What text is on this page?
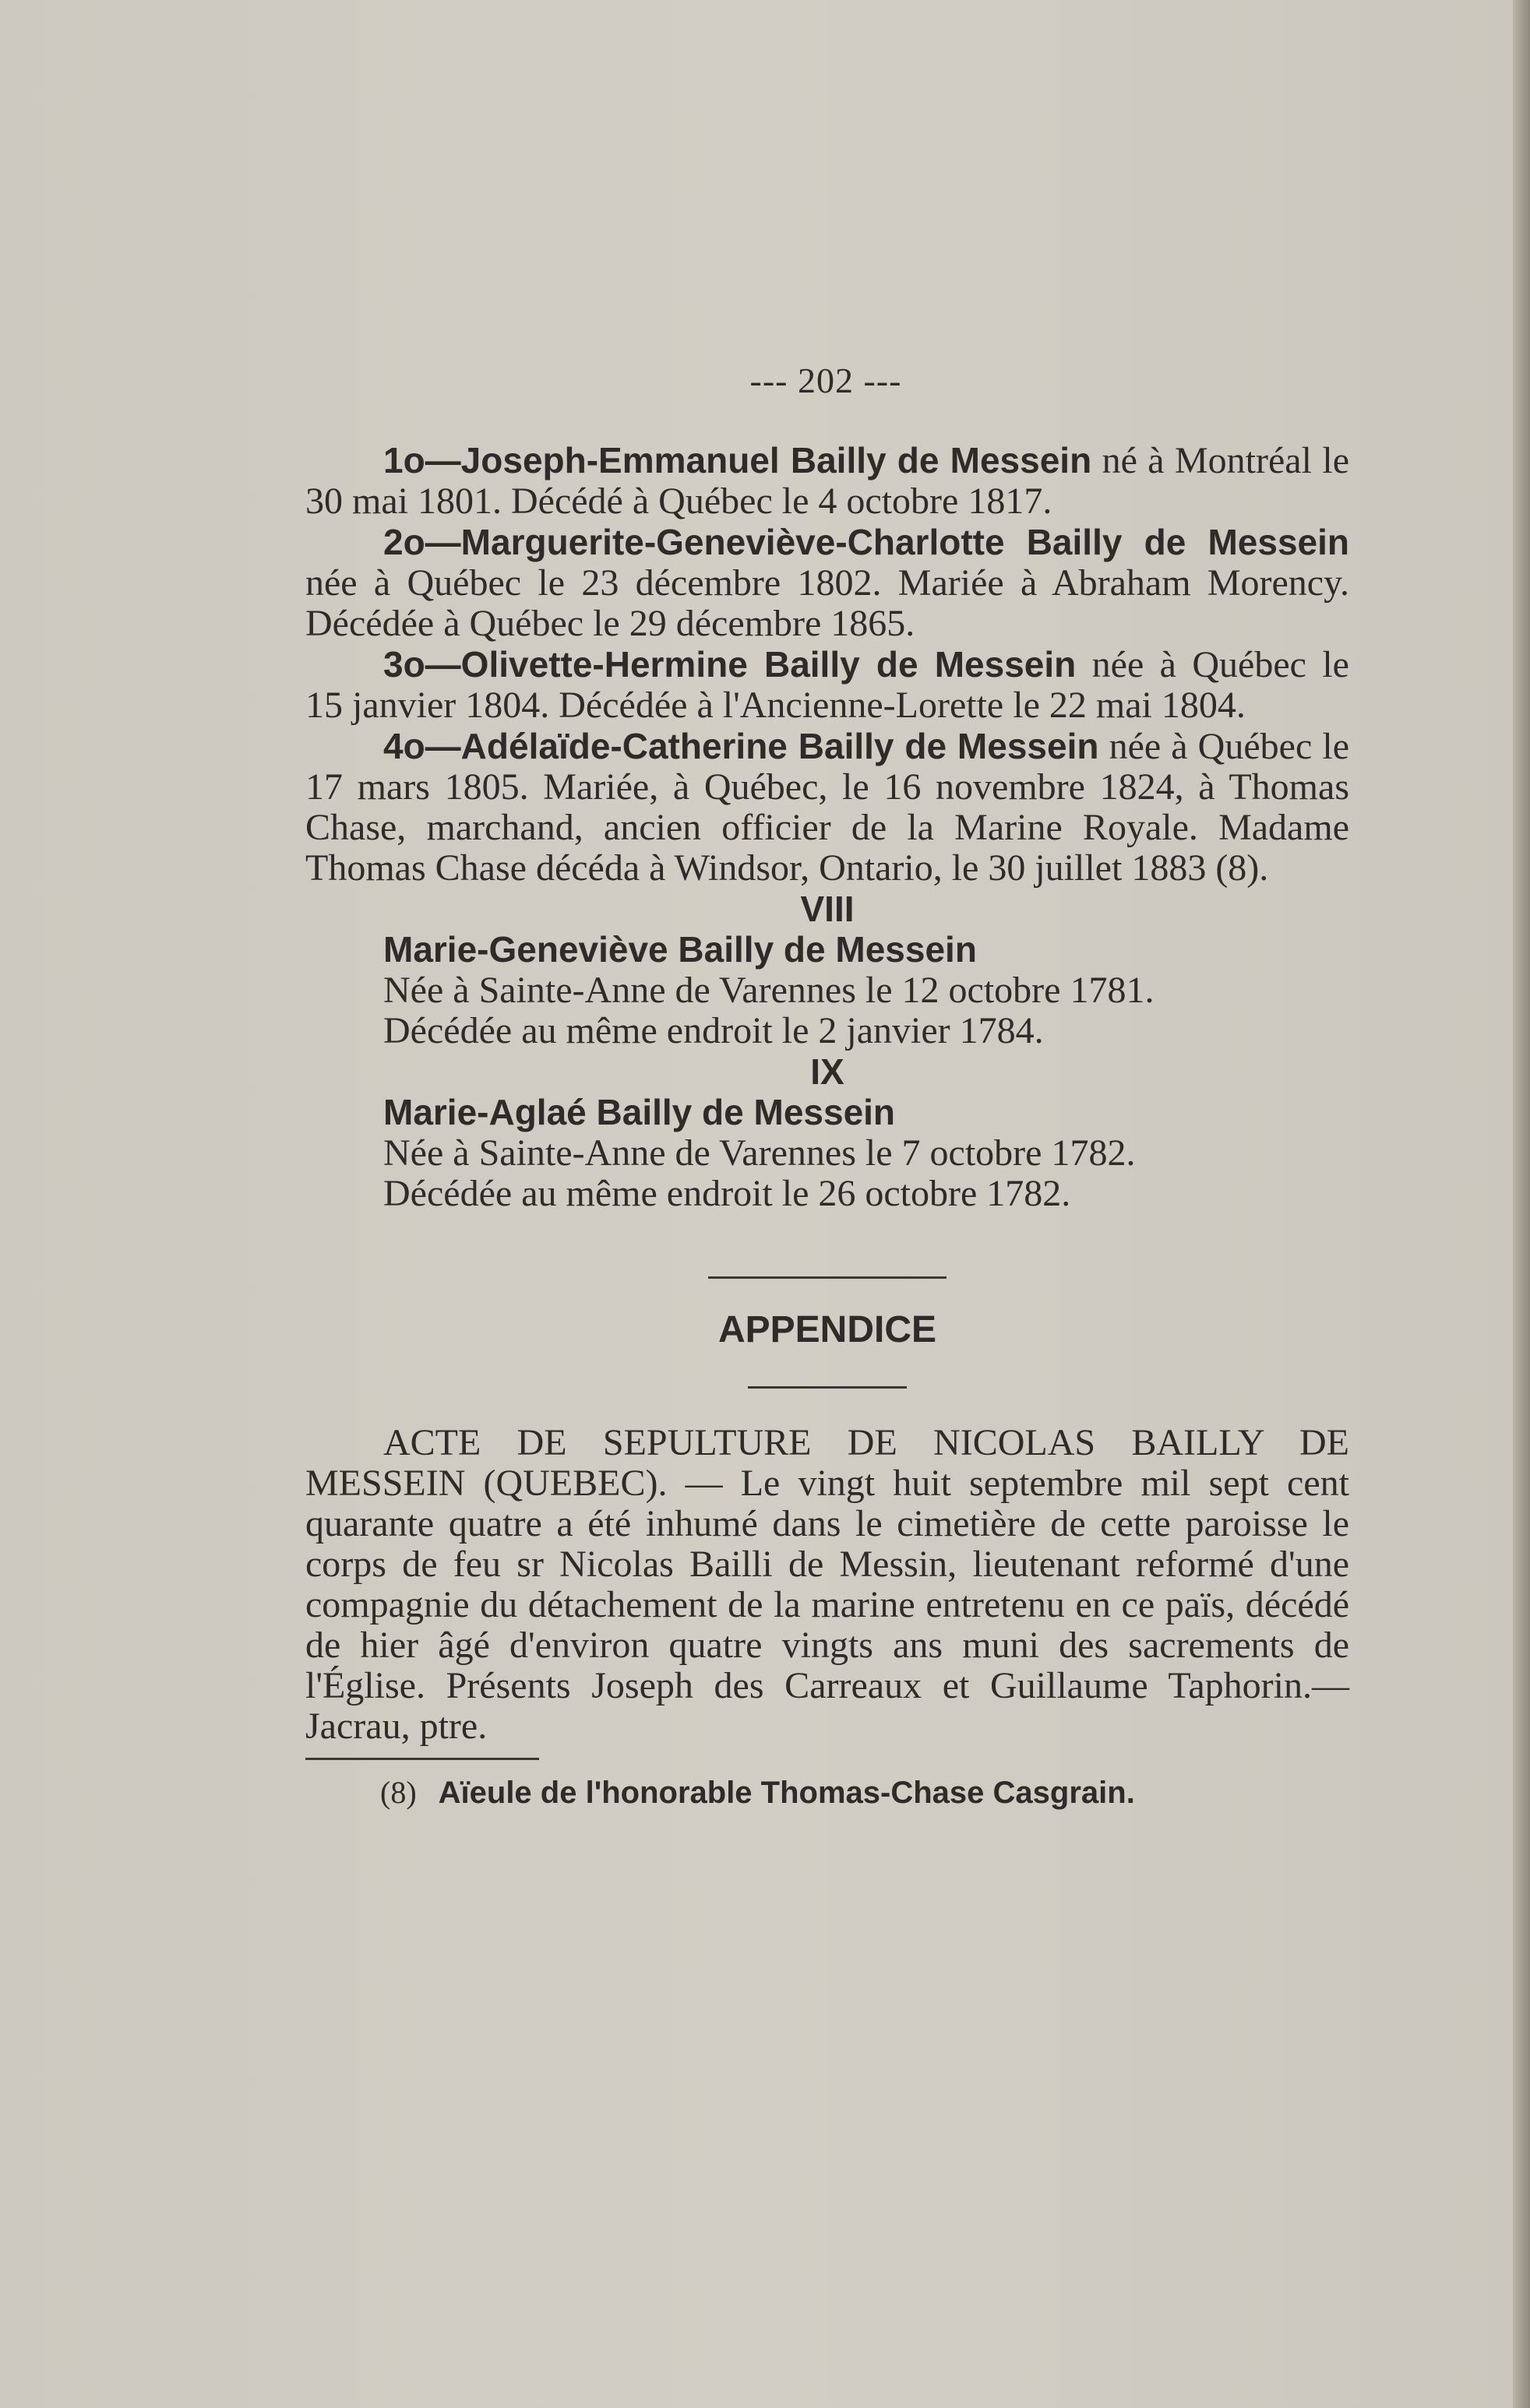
--- 202 ---

1o—Joseph-Emmanuel Bailly de Messein né à Montréal le 30 mai 1801. Décédé à Québec le 4 octobre 1817.

2o—Marguerite-Geneviève-Charlotte Bailly de Messein née à Québec le 23 décembre 1802. Mariée à Abraham Morency. Décédée à Québec le 29 décembre 1865.

3o—Olivette-Hermine Bailly de Messein née à Québec le 15 janvier 1804. Décédée à l'Ancienne-Lorette le 22 mai 1804.

4o—Adélaïde-Catherine Bailly de Messein née à Québec le 17 mars 1805. Mariée, à Québec, le 16 novembre 1824, à Thomas Chase, marchand, ancien officier de la Marine Royale. Madame Thomas Chase décéda à Windsor, Ontario, le 30 juillet 1883 (8).

VIII

Marie-Geneviève Bailly de Messein

Née à Sainte-Anne de Varennes le 12 octobre 1781.

Décédée au même endroit le 2 janvier 1784.

IX

Marie-Aglaé Bailly de Messein

Née à Sainte-Anne de Varennes le 7 octobre 1782.

Décédée au même endroit le 26 octobre 1782.

APPENDICE

ACTE DE SEPULTURE DE NICOLAS BAILLY DE MESSEIN (QUEBEC). — Le vingt huit septembre mil sept cent quarante quatre a été inhumé dans le cimetière de cette paroisse le corps de feu sr Nicolas Bailli de Messin, lieutenant reformé d'une compagnie du détachement de la marine entretenu en ce païs, décédé de hier âgé d'environ quatre vingts ans muni des sacrements de l'Église. Présents Joseph des Carreaux et Guillaume Taphorin.—Jacrau, ptre.

(8) Aïeule de l'honorable Thomas-Chase Casgrain.
